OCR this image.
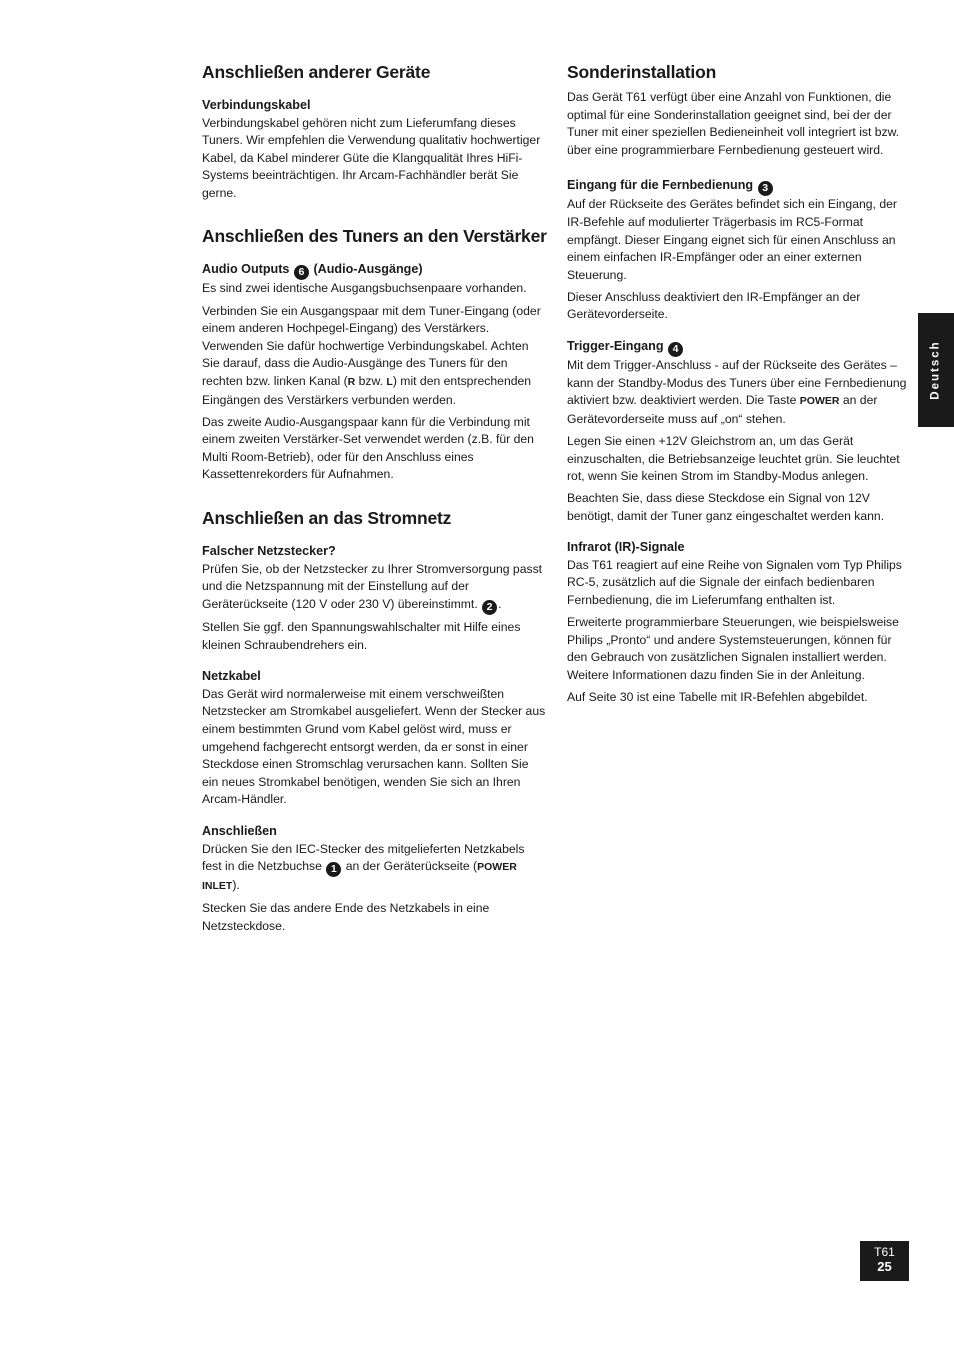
Anschließen anderer Geräte
Verbindungskabel

Verbindungskabel gehören nicht zum Lieferumfang dieses Tuners. Wir empfehlen die Verwendung qualitativ hochwertiger Kabel, da Kabel minderer Güte die Klangqualität Ihres HiFi-Systems beeinträchtigen. Ihr Arcam-Fachhändler berät Sie gerne.

Anschließen des Tuners an den Verstärker
Audio Outputs 6 (Audio-Ausgänge)

Es sind zwei identische Ausgangsbuchsenpaare vorhanden.

Verbinden Sie ein Ausgangspaar mit dem Tuner-Eingang (oder einem anderen Hochpegel-Eingang) des Verstärkers. Verwenden Sie dafür hochwertige Verbindungskabel. Achten Sie darauf, dass die Audio-Ausgänge des Tuners für den rechten bzw. linken Kanal (R bzw. L) mit den entsprechenden Eingängen des Verstärkers verbunden werden.

Das zweite Audio-Ausgangspaar kann für die Verbindung mit einem zweiten Verstärker-Set verwendet werden (z.B. für den Multi Room-Betrieb), oder für den Anschluss eines Kassettenrekorders für Aufnahmen.

Anschließen an das Stromnetz
Falscher Netzstecker?

Prüfen Sie, ob der Netzstecker zu Ihrer Stromversorgung passt und die Netzspannung mit der Einstellung auf der Geräterückseite (120 V oder 230 V) übereinstimmt. 2 .

Stellen Sie ggf. den Spannungswahlschalter mit Hilfe eines kleinen Schraubendrehers ein.

Netzkabel

Das Gerät wird normalerweise mit einem verschweißten Netzstecker am Stromkabel ausgeliefert. Wenn der Stecker aus einem bestimmten Grund vom Kabel gelöst wird, muss er umgehend fachgerecht entsorgt werden, da er sonst in einer Steckdose einen Stromschlag verursachen kann. Sollten Sie ein neues Stromkabel benötigen, wenden Sie sich an Ihren Arcam-Händler.

Anschließen

Drücken Sie den IEC-Stecker des mitgelieferten Netzkabels fest in die Netzbuchse 1 an der Geräterückseite (POWER INLET).

Stecken Sie das andere Ende des Netzkabels in eine Netzsteckdose.

Sonderinstallation

Das Gerät T61 verfügt über eine Anzahl von Funktionen, die optimal für eine Sonderinstallation geeignet sind, bei der der Tuner mit einer speziellen Bedieneinheit voll integriert ist bzw. über eine programmierbare Fernbedienung gesteuert wird.

Eingang für die Fernbedienung 3

Auf der Rückseite des Gerätes befindet sich ein Eingang, der IR-Befehle auf modulierter Trägerbasis im RC5-Format empfängt. Dieser Eingang eignet sich für einen Anschluss an einem einfachen IR-Empfänger oder an einer externen Steuerung.

Dieser Anschluss deaktiviert den IR-Empfänger an der Gerätevorderseite.

Trigger-Eingang 4

Mit dem Trigger-Anschluss - auf der Rückseite des Gerätes – kann der Standby-Modus des Tuners über eine Fernbedienung aktiviert bzw. deaktiviert werden. Die Taste POWER an der Gerätevorderseite muss auf „on“ stehen.

Legen Sie einen +12V Gleichstrom an, um das Gerät einzuschalten, die Betriebsanzeige leuchtet grün. Sie leuchtet rot, wenn Sie keinen Strom im Standby-Modus anlegen.

Beachten Sie, dass diese Steckdose ein Signal von 12V benötigt, damit der Tuner ganz eingeschaltet werden kann.

Infrarot (IR)-Signale

Das T61 reagiert auf eine Reihe von Signalen vom Typ Philips RC-5, zusätzlich auf die Signale der einfach bedienbaren Fernbedienung, die im Lieferumfang enthalten ist.

Erweiterte programmierbare Steuerungen, wie beispielsweise Philips „Pronto“ und andere Systemsteuerungen, können für den Gebrauch von zusätzlichen Signalen installiert werden. Weitere Informationen dazu finden Sie in der Anleitung.

Auf Seite 30 ist eine Tabelle mit IR-Befehlen abgebildet.

Deutsch
T61
25
